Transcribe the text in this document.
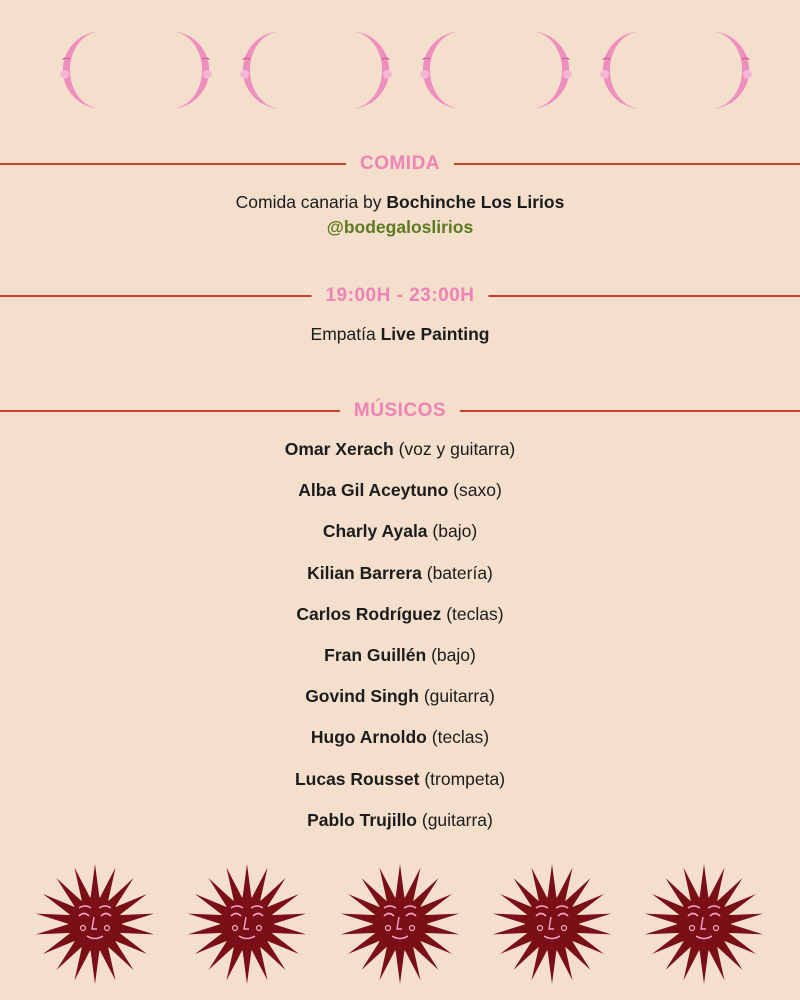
COMIDA
Comida canaria by Bochinche Los Lirios
@bodegaloslirios
19:00H - 23:00H
Empatía Live Painting
MÚSICOS
Omar Xerach (voz y guitarra)
Alba Gil Aceytuno (saxo)
Charly Ayala (bajo)
Kilian Barrera (batería)
Carlos Rodríguez (teclas)
Fran Guillén (bajo)
Govind Singh (guitarra)
Hugo Arnoldo (teclas)
Lucas Rousset (trompeta)
Pablo Trujillo (guitarra)
